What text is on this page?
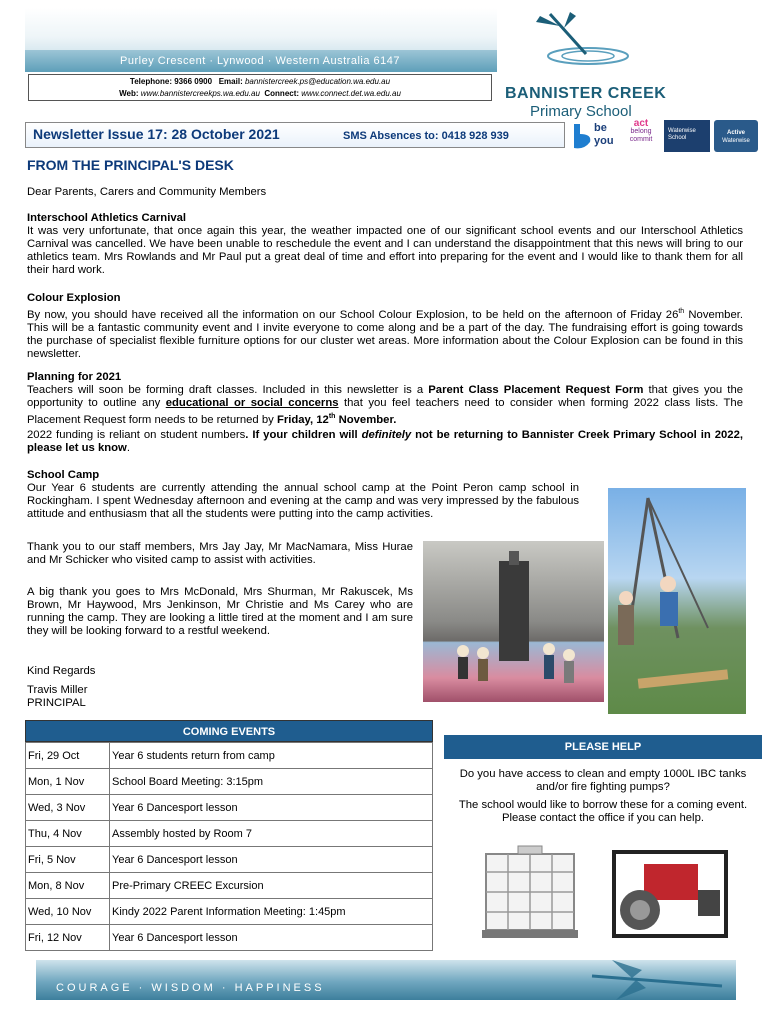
Purley Crescent · Lynwood · Western Australia 6147
Telephone: 9366 0900 Email: bannistercreek.ps@education.wa.edu.au
Web: www.bannistercreekps.wa.edu.au Connect: www.connect.det.wa.edu.au	BANNISTER CREEK
Primary School
Newsletter Issue 17: 28 October 2021	SMS Absences to: 0418 928 939
be
you
act
belong
commit
Waterwise
School
Active
Waterwise
FROM THE PRINCIPAL'S DESK
Dear Parents, Carers and Community Members
Interschool Athletics Carnival
It was very unfortunate, that once again this year, the weather impacted one of our significant school events and our Interschool Athletics Carnival was cancelled. We have been unable to reschedule the event and I can understand the disappointment that this news will bring to our athletics team. Mrs Rowlands and Mr Paul put a great deal of time and effort into preparing for the event and I would like to thank them for all their hard work.
Colour Explosion
By now, you should have received all the information on our School Colour Explosion, to be held on the afternoon of Friday 26th November. This will be a fantastic community event and I invite everyone to come along and be a part of the day. The fundraising effort is going towards the purchase of specialist flexible furniture options for our cluster wet areas. More information about the Colour Explosion can be found in this newsletter.
Planning for 2021
Teachers will soon be forming draft classes. Included in this newsletter is a Parent Class Placement Request Form that gives you the opportunity to outline any educational or social concerns that you feel teachers need to consider when forming 2022 class lists. The Placement Request form needs to be returned by Friday, 12th November.
2022 funding is reliant on student numbers. If your children will definitely not be returning to Bannister Creek Primary School in 2022, please let us know.
School Camp
Our Year 6 students are currently attending the annual school camp at the Point Peron camp school in Rockingham. I spent Wednesday afternoon and evening at the camp and was very impressed by the fabulous attitude and enthusiasm that all the students were putting into the camp activities.
Thank you to our staff members, Mrs Jay Jay, Mr MacNamara, Miss Hurae and Mr Schicker who visited camp to assist with activities.
A big thank you goes to Mrs McDonald, Mrs Shurman, Mr Rakuscek, Ms Brown, Mr Haywood, Mrs Jenkinson, Mr Christie and Ms Carey who are running the camp. They are looking a little tired at the moment and I am sure they will be looking forward to a restful weekend.
Kind Regards
Travis Miller
PRINCIPAL
COMING EVENTS
Fri, 29 Oct	Year 6 students return from camp
Mon, 1 Nov	School Board Meeting: 3:15pm
Wed, 3 Nov	Year 6 Dancesport lesson
Thu, 4 Nov	Assembly hosted by Room 7
Fri, 5 Nov	Year 6 Dancesport lesson
Mon, 8 Nov	Pre-Primary CREEC Excursion
Wed, 10 Nov	Kindy 2022 Parent Information Meeting: 1:45pm
Fri, 12 Nov	Year 6 Dancesport lesson
PLEASE HELP
Do you have access to clean and empty 1000L IBC tanks and/or fire fighting pumps?
The school would like to borrow these for a coming event. Please contact the office if you can help.
COURAGE · WISDOM · HAPPINESS
